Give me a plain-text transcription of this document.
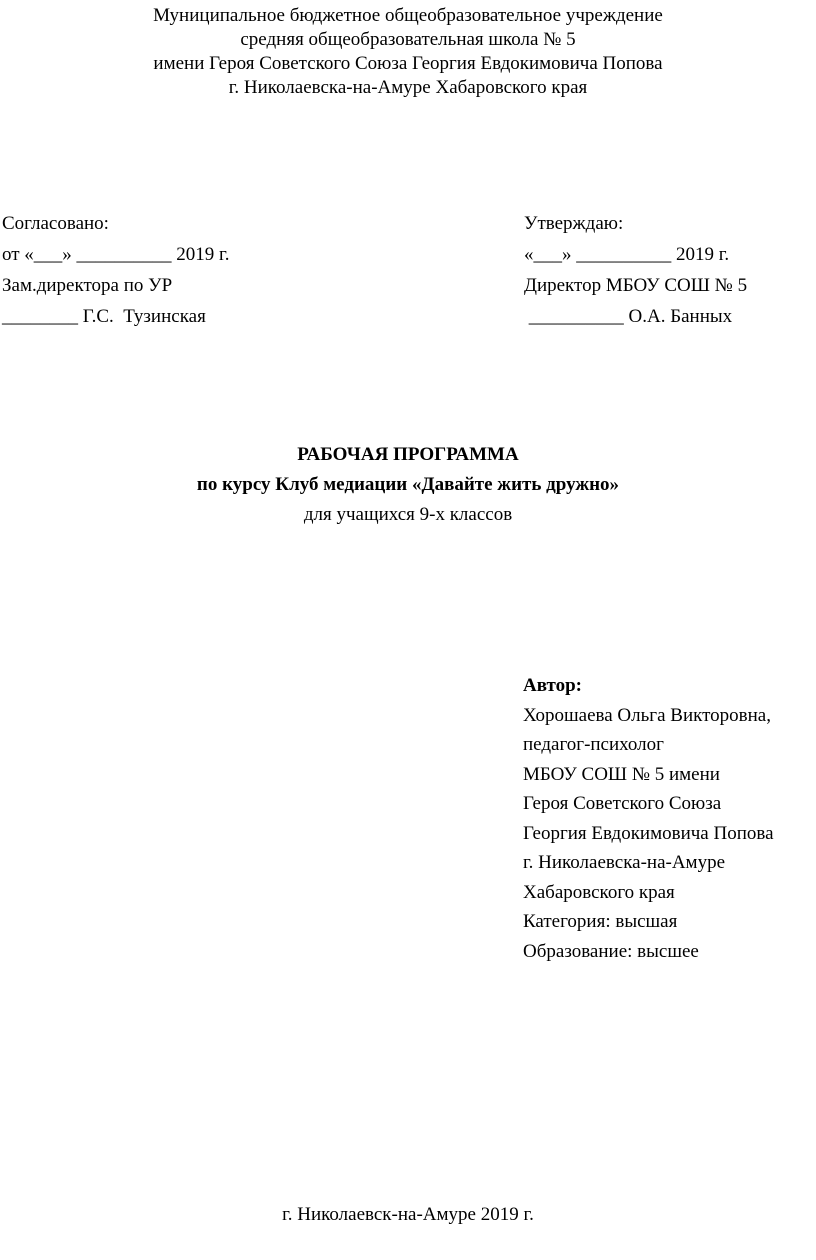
Муниципальное бюджетное общеобразовательное учреждение
средняя общеобразовательная школа № 5
имени Героя Советского Союза Георгия Евдокимовича Попова
г. Николаевска-на-Амуре Хабаровского края
Согласовано:
от «___» __________ 2019 г.
Зам.директора по УР
________ Г.С.  Тузинская
Утверждаю:
«___» __________ 2019 г.
Директор МБОУ СОШ № 5
__________ О.А. Банных
РАБОЧАЯ ПРОГРАММА
по курсу Клуб медиации «Давайте жить дружно»
для учащихся 9-х классов
Автор:
Хорошаева Ольга Викторовна,
педагог-психолог
МБОУ СОШ № 5 имени
Героя Советского Союза
Георгия Евдокимовича Попова
г. Николаевска-на-Амуре
Хабаровского края
Категория: высшая
Образование: высшее
г. Николаевск-на-Амуре 2019 г.
